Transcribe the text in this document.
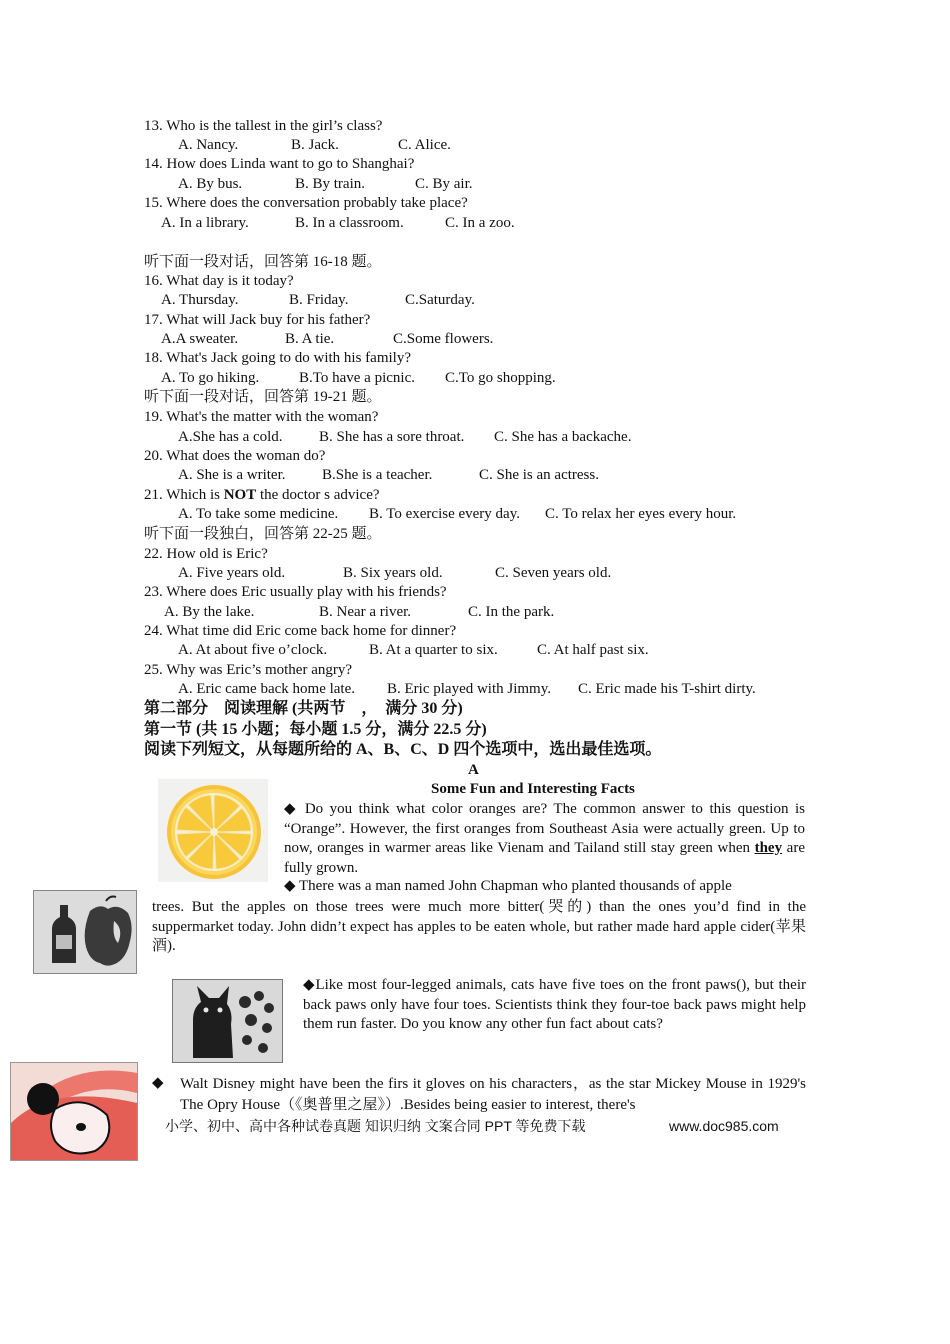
13. Who is the tallest in the girl’s class?
A. Nancy.	B. Jack.	C. Alice.
14. How does Linda want to go to Shanghai?
A. By bus.	B. By train.	C. By air.
15. Where does the conversation probably take place?
A. In a library.	B. In a classroom.	C. In a zoo.
听下面一段对话，回答第 16-18 题。
16. What day is it today?
A. Thursday.	B. Friday.	C.Saturday.
17. What will Jack buy for his father?
A.A sweater.	B. A tie.	C.Some flowers.
18. What's Jack going to do with his family?
A. To go hiking.	B.To have a picnic. C.To go shopping.
听下面一段对话，回答第 19-21 题。
19. What's the matter with the woman?
A.She has a cold. B. She has a sore throat. C. She has a backache.
20. What does the woman do?
A. She is a writer. B.She is a teacher.	C. She is an actress.
21. Which is NOT the doctor s advice?
A. To take some medicine. B. To exercise every day. C. To relax her eyes every hour.
听下面一段独白，回答第 22-25 题。
22. How old is Eric?
A. Five years old.	B. Six years old.	C. Seven years old.
23. Where does Eric usually play with his friends?
A. By the lake.	B. Near a river.	C. In the park.
24. What time did Eric come back home for dinner?
A. At about five o’clock.	B. At a quarter to six.	C. At half past six.
25. Why was Eric’s mother angry?
A. Eric came back home late. B. Eric played with Jimmy. C. Eric made his T-shirt dirty.
第二部分　阅读理解 (共两节　，　满分 30 分)
第一节 (共 15 小题；每小题 1.5 分，满分 22.5 分)
阅读下列短文，从每题所给的 A、B、C、D 四个选项中，选出最佳选项。
A
Some Fun and Interesting Facts
◆ Do you think what color oranges are? The common answer to this question is “Orange”. However, the first oranges from Southeast Asia were actually green. Up to now, oranges in warmer areas like Vienam and Tailand still stay green when they are fully grown.
◆ There was a man named John Chapman who planted thousands of apple
trees. But the apples on those trees were much more bitter(哭的) than the ones you’d find in the suppermarket today. John didn’t expect has apples to be eaten whole, but rather made hard apple cider(苹果酒).
◆Like most four-legged animals, cats have five toes on the front paws(), but their back paws only have four toes. Scientists think they four-toe back paws might help them run faster. Do you know any other fun fact about cats?
◆ Walt Disney might have been the firs it gloves on his characters，as the star Mickey Mouse in 1929's The Opry House（《奥普里之屋》）.Besides being easier to interest, there's
小学、初中、高中各种试卷真题 知识归纳 文案合同 PPT 等免费下载	www.doc985.com
